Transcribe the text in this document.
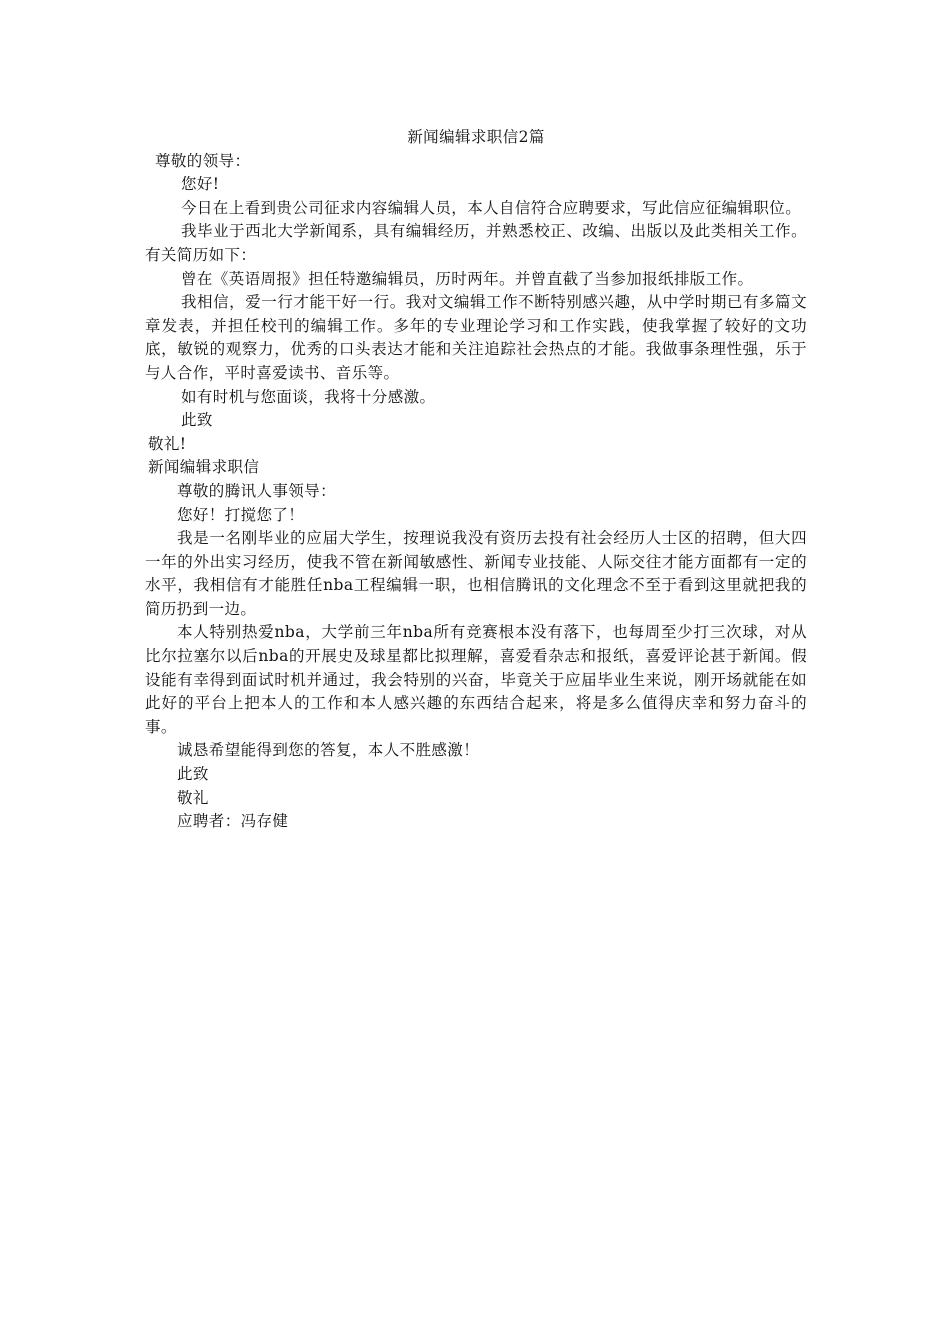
新闻编辑求职信2篇

尊敬的领导：

您好!

今日在上看到贵公司征求内容编辑人员，本人自信符合应聘要求，写此信应征编辑职位。

我毕业于西北大学新闻系，具有编辑经历，并熟悉校正、改编、出版以及此类相关工作。有关简历如下：

曾在《英语周报》担任特邀编辑员，历时两年。并曾直截了当参加报纸排版工作。

我相信，爱一行才能干好一行。我对文编辑工作不断特别感兴趣，从中学时期已有多篇文章发表，并担任校刊的编辑工作。多年的专业理论学习和工作实践，使我掌握了较好的文功底，敏锐的观察力，优秀的口头表达才能和关注追踪社会热点的才能。我做事条理性强，乐于与人合作，平时喜爱读书、音乐等。

如有时机与您面谈，我将十分感激。

此致

敬礼!

新闻编辑求职信

尊敬的腾讯人事领导：

您好！打搅您了！

我是一名刚毕业的应届大学生，按理说我没有资历去投有社会经历人士区的招聘，但大四一年的外出实习经历，使我不管在新闻敏感性、新闻专业技能、人际交往才能方面都有一定的水平，我相信有才能胜任nba工程编辑一职，也相信腾讯的文化理念不至于看到这里就把我的简历扔到一边。

本人特别热爱nba，大学前三年nba所有竞赛根本没有落下，也每周至少打三次球，对从比尔拉塞尔以后nba的开展史及球星都比拟理解，喜爱看杂志和报纸，喜爱评论甚于新闻。假设能有幸得到面试时机并通过，我会特别的兴奋，毕竟关于应届毕业生来说，刚开场就能在如此好的平台上把本人的工作和本人感兴趣的东西结合起来，将是多么值得庆幸和努力奋斗的事。

诚恳希望能得到您的答复，本人不胜感激！

此致

敬礼

应聘者：冯存健
